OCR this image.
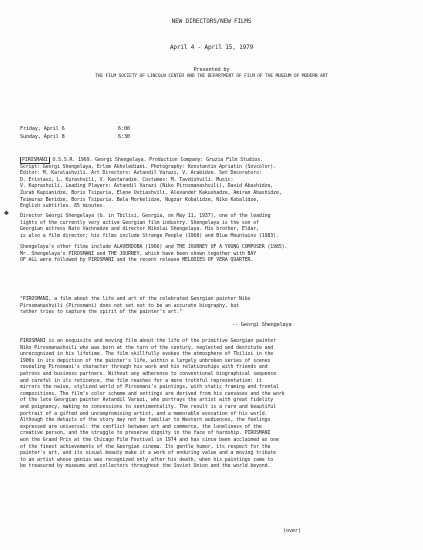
NEW DIRECTORS/NEW FILMS
April 4 - April 15, 1979
Presented by
THE FILM SOCIETY OF LINCOLN CENTER AND THE DEPARTMENT OF FILM OF THE MUSEUM OF MODERN ART
Friday, April 6	6:00
Sunday, April 8	6:30
◆
PIROSMANI U.S.S.R. 1969. Georgi Shengelaya. Production Company: Gruzia Film Studios.
Script: Georgi Shengelaya, Erlom Akhvlediani. Photography: Konstantin Apriatin (Sovcolor).
Editor: M. Karalashvili. Art Directors: Avtandil Varazi, V. Arabidze. Set Decorators:
D. Eristavi, L. Kurashvili, V. Kavtaradze. Costumes: M. Tavdishvili. Music:
V. Kuprashvili. Leading Players: Avtandil Varazi (Niko Pirosmanashvili), David Abashidze,
Zurab Kapianidze, Boris Tsipuria, Elene Ustiashvili, Alexander Kakushadze, Amiran Abashidze,
Teimuraz Beridze, Boris Tsipuria. Bela Morkelidze, Nugzar Kobalidze, Niko Kobalidze,
English subtitles. 85 minutes.
Director Georgi Shengelaya (b. in Tbilisi, Georgia, on May 11, 1937), one of the leading
lights of the currently very active Georgian film industry. Shengelaya is the son of
Georgian actress Nato Vachnadze and director Nikolai Shengelaya. His brother, Eldar,
is also a film director; his films include Strange People (1968) and Blue Mountains (1983).
Shengelaya's other films include ALAVERDOBA (1966) and THE JOURNEY OF A YOUNG COMPOSER (1985).
Mr. Shengelaya's PIROSMANI and THE JOURNEY, which have been shown together with BAY
OF ALL were followed by PIROSMANI and the recent release MELODIES OF VERA QUARTER.
"PIROSMANI, a film about the life and art of the celebrated Georgian painter Niko
Pirosmanashvili (Pirosmani) does not set out to be an accurate biography, but
rather tries to capture the spirit of the painter's art."
-- Georgi Shengelaya
PIROSMANI is an exquisite and moving film about the life of the primitive Georgian painter
Niko Pirosmanashvili who was born at the turn of the century, neglected and destitute and
unrecognized in his lifetime. The film skillfully evokes the atmosphere of Tbilisi in the
1900s in its depiction of the painter's life, within a largely unbroken series of scenes
revealing Pirosmani's character through his work and his relationships with friends and
patrons and business partners. Without any adherence to conventional biographical sequence
and careful in its reticence, the film reaches for a more truthful representation: it
mirrors the naive, stylized world of Pirosmani's paintings, with static framing and frontal
compositions. The film's color scheme and settings are derived from his canvases and the work
of the late Georgian painter Avtandil Varazi, who portrays the artist with great fidelity
and poignancy, making no concessions to sentimentality. The result is a rare and beautiful
portrait of a gifted and uncompromising artist, and a memorable evocation of his world.
Although the details of the story may not be familiar to Western audiences, the feelings
expressed are universal: the conflict between art and commerce, the loneliness of the
creative person, and the struggle to preserve dignity in the face of hardship. PIROSMANI
won the Grand Prix at the Chicago Film Festival in 1974 and has since been acclaimed as one
of the finest achievements of the Georgian cinema. Its gentle humor, its respect for the
painter's art, and its visual beauty make it a work of enduring value and a moving tribute
to an artist whose genius was recognized only after his death, when his paintings came to
be treasured by museums and collectors throughout the Soviet Union and the world beyond.
(over)
